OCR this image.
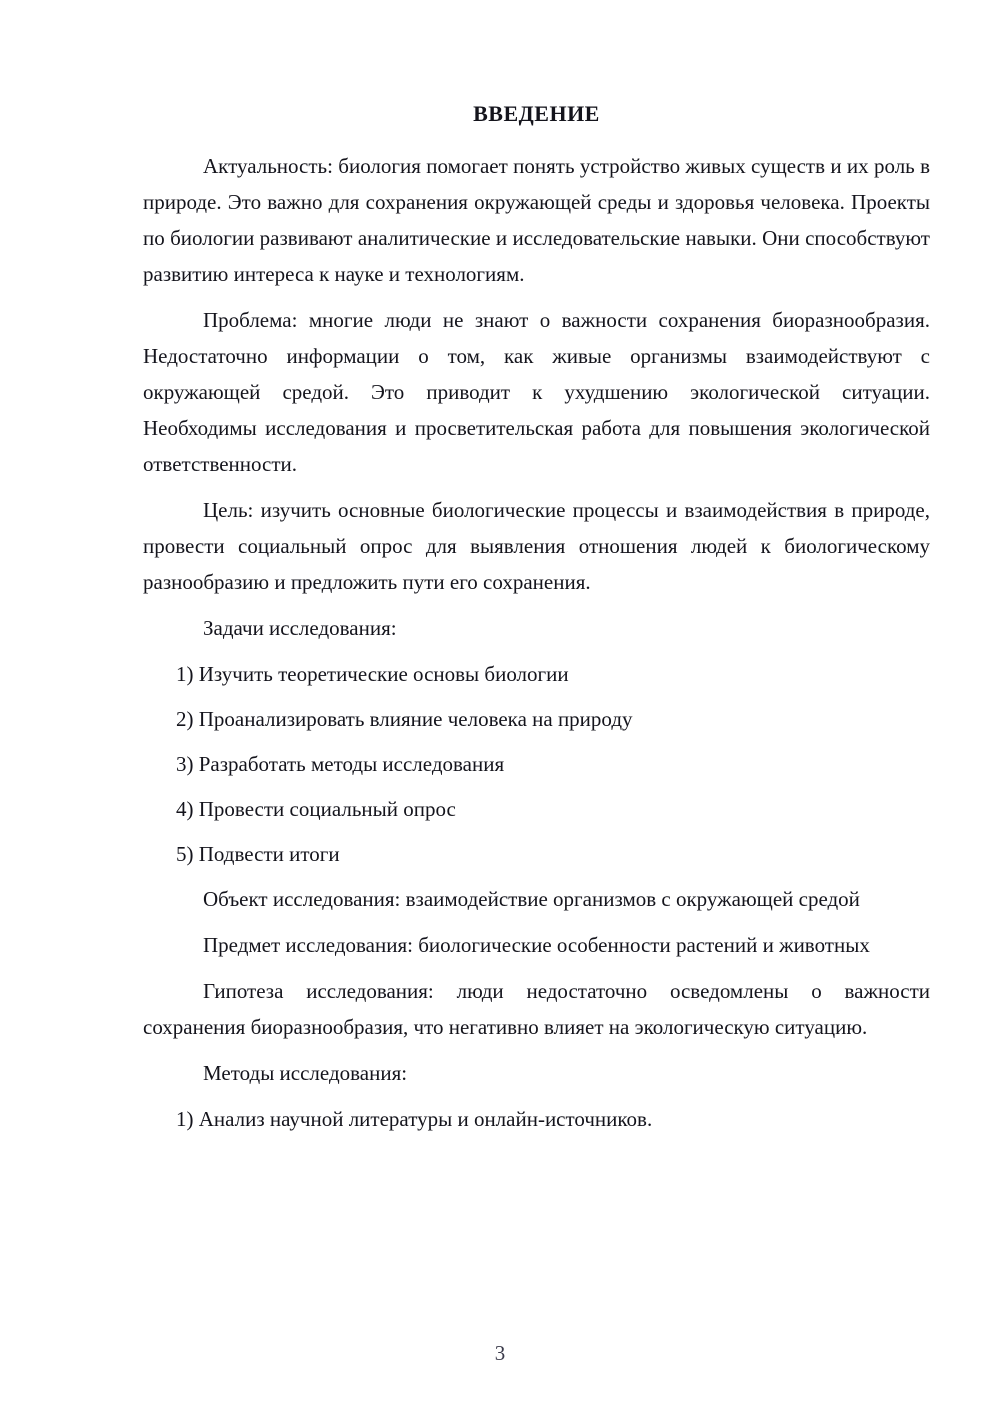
ВВЕДЕНИЕ

Актуальность: биология помогает понять устройство живых существ и их роль в природе. Это важно для сохранения окружающей среды и здоровья человека. Проекты по биологии развивают аналитические и исследовательские навыки. Они способствуют развитию интереса к науке и технологиям.

Проблема: многие люди не знают о важности сохранения биоразнообразия. Недостаточно информации о том, как живые организмы взаимодействуют с окружающей средой. Это приводит к ухудшению экологической ситуации. Необходимы исследования и просветительская работа для повышения экологической ответственности.

Цель: изучить основные биологические процессы и взаимодействия в природе, провести социальный опрос для выявления отношения людей к биологическому разнообразию и предложить пути его сохранения.

Задачи исследования:

1) Изучить теоретические основы биологии
2) Проанализировать влияние человека на природу
3) Разработать методы исследования
4) Провести социальный опрос
5) Подвести итоги

Объект исследования: взаимодействие организмов с окружающей средой

Предмет исследования: биологические особенности растений и животных

Гипотеза исследования: люди недостаточно осведомлены о важности сохранения биоразнообразия, что негативно влияет на экологическую ситуацию.

Методы исследования:

1) Анализ научной литературы и онлайн-источников.
3
